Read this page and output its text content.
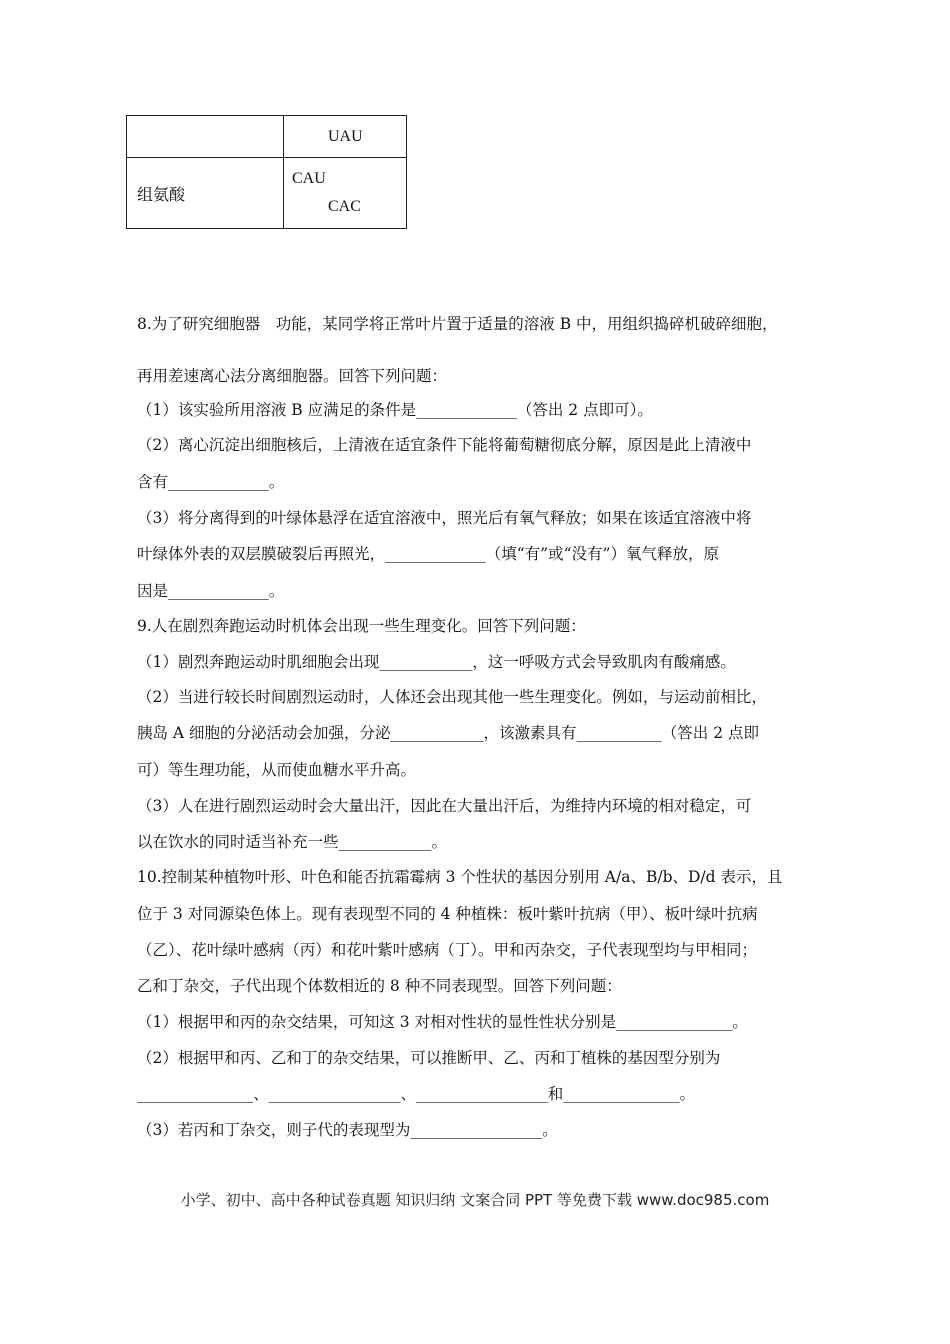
	UAU

组氨酸	CAU
CAC
8.为了研究细胞器　功能，某同学将正常叶片置于适量的溶液 B 中，用组织捣碎机破碎细胞，
再用差速离心法分离细胞器。回答下列问题：
（1）该实验所用溶液 B 应满足的条件是_____________（答出 2 点即可）。
（2）离心沉淀出细胞核后，上清液在适宜条件下能将葡萄糖彻底分解，原因是此上清液中
含有_____________。
（3）将分离得到的叶绿体悬浮在适宜溶液中，照光后有氧气释放；如果在该适宜溶液中将
叶绿体外表的双层膜破裂后再照光，_____________（填“有”或“没有”）氧气释放，原
因是_____________。
9.人在剧烈奔跑运动时机体会出现一些生理变化。回答下列问题：
（1）剧烈奔跑运动时肌细胞会出现____________，这一呼吸方式会导致肌肉有酸痛感。
（2）当进行较长时间剧烈运动时，人体还会出现其他一些生理变化。例如，与运动前相比，
胰岛 A 细胞的分泌活动会加强，分泌____________，该激素具有___________（答出 2 点即
可）等生理功能，从而使血糖水平升高。
（3）人在进行剧烈运动时会大量出汗，因此在大量出汗后，为维持内环境的相对稳定，可
以在饮水的同时适当补充一些____________。
10.控制某种植物叶形、叶色和能否抗霜霉病 3 个性状的基因分别用 A/a、B/b、D/d 表示，且
位于 3 对同源染色体上。现有表现型不同的 4 种植株：板叶紫叶抗病（甲）、板叶绿叶抗病
（乙）、花叶绿叶感病（丙）和花叶紫叶感病（丁）。甲和丙杂交，子代表现型均与甲相同；
乙和丁杂交，子代出现个体数相近的 8 种不同表现型。回答下列问题：
（1）根据甲和丙的杂交结果，可知这 3 对相对性状的显性性状分别是_______________。
（2）根据甲和丙、乙和丁的杂交结果，可以推断甲、乙、丙和丁植株的基因型分别为
_______________、_________________、_________________和_______________。
（3）若丙和丁杂交，则子代的表现型为_________________。
小学、初中、高中各种试卷真题 知识归纳 文案合同 PPT 等免费下载 www.doc985.com
